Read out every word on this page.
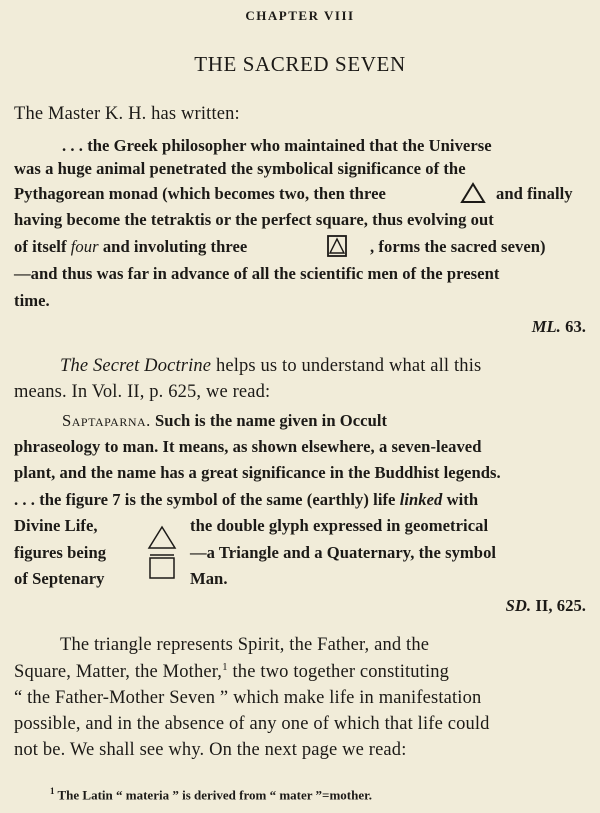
CHAPTER VIII
THE SACRED SEVEN
The Master K. H. has written:
. . . the Greek philosopher who maintained that the Universe
was a huge animal penetrated the symbolical significance of the
Pythagorean monad (which becomes two, then three	and finally
having become the tetraktis or the perfect square, thus evolving out
of itself four and involuting three	, forms the sacred seven)
—and thus was far in advance of all the scientific men of the present
time.
ML. 63.
The Secret Doctrine helps us to understand what all this
means. In Vol. II, p. 625, we read:
Saptaparna. Such is the name given in Occult
phraseology to man. It means, as shown elsewhere, a seven-leaved
plant, and the name has a great significance in the Buddhist legends.
. . . the figure 7 is the symbol of the same (earthly) life linked with
Divine Life,
figures being
of Septenary
the double glyph expressed in geometrical
—a Triangle and a Quaternary, the symbol
Man.
SD. II, 625.
The triangle represents Spirit, the Father, and the
Square, Matter, the Mother,$^1$ the two together constituting
“ the Father-Mother Seven ” which make life in manifestation
possible, and in the absence of any one of which that life could
not be. We shall see why. On the next page we read:
$^1$ The Latin “ materia ” is derived from “ mater ”=mother.
